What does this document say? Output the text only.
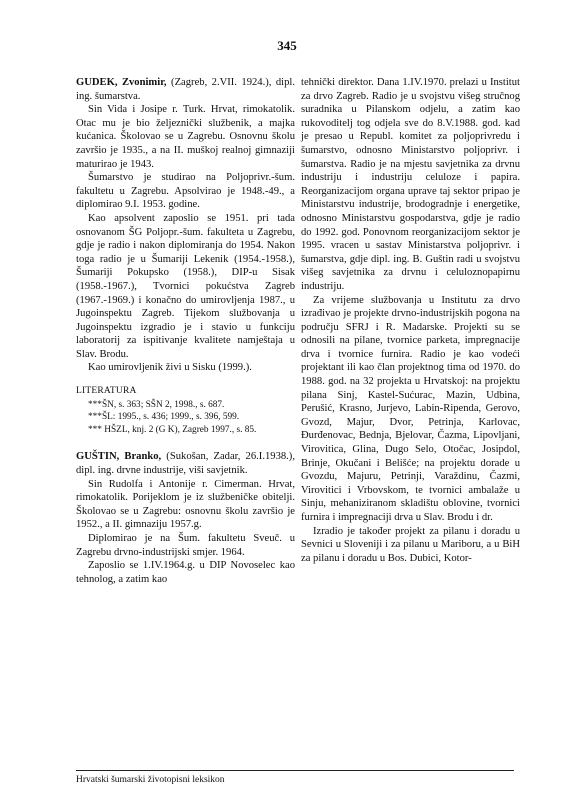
345

GUDEK, Zvonimir, (Zagreb, 2.VII. 1924.), dipl. ing. šumarstva.

Sin Vida i Josipe r. Turk. Hrvat, rimokatolik. Otac mu je bio željeznički službenik, a majka kućanica. Školovao se u Zagrebu. Osnovnu školu završio je 1935., a na II. muškoj realnoj gimnaziji maturirao je 1943.

Šumarstvo je studirao na Poljoprivr.-šum. fakultetu u Zagrebu. Apsolvirao je 1948.-49., a diplomirao 9.I. 1953. godine.

Kao apsolvent zaposlio se 1951. pri tada osnovanom ŠG Poljopr.-šum. fakulteta u Zagrebu, gdje je radio i nakon diplomiranja do 1954. Nakon toga radio je u Šumariji Lekenik (1954.-1958.), Šumariji Pokupsko (1958.), DIP-u Sisak (1958.-1967.), Tvornici pokućstva Zagreb (1967.-1969.) i konačno do umirovljenja 1987., u Jugoinspektu Zagreb. Tijekom službovanja u Jugoinspektu izgradio je i stavio u funkciju laboratorij za ispitivanje kvalitete namještaja u Slav. Brodu.

Kao umirovljenik živi u Sisku (1999.).

LITERATURA

***ŠN, s. 363; SŠN 2, 1998., s. 687.

***ŠL: 1995., s. 436; 1999., s. 396, 599.

*** HŠZL, knj. 2 (G K), Zagreb 1997., s. 85.

GUŠTIN, Branko, (Sukošan, Zadar, 26.I.1938.), dipl. ing. drvne industrije, viši savjetnik.

Sin Rudolfa i Antonije r. Cimerman. Hrvat, rimokatolik. Porijeklom je iz službeničke obitelji. Školovao se u Zagrebu: osnovnu školu završio je 1952., a II. gimnaziju 1957.g.

Diplomirao je na Šum. fakultetu Sveuč. u Zagrebu drvno-industrijski smjer. 1964.

Zaposlio se 1.IV.1964.g. u DIP Novoselec kao tehnolog, a zatim kao

tehnički direktor. Dana 1.IV.1970. prelazi u Institut za drvo Zagreb. Radio je u svojstvu višeg stručnog suradnika u Pilanskom odjelu, a zatim kao rukovoditelj tog odjela sve do 8.V.1988. god. kad je presao u Republ. komitet za poljoprivredu i šumarstvo, odnosno Ministarstvo poljoprivr. i šumarstva. Radio je na mjestu savjetnika za drvnu industriju i industriju celuloze i papira. Reorganizacijom organa uprave taj sektor pripao je Ministarstvu industrije, brodogradnje i energetike, odnosno Ministarstvu gospodarstva, gdje je radio do 1992. god. Ponovnom reorganizacijom sektor je 1995. vracen u sastav Ministarstva poljoprivr. i šumarstva, gdje dipl. ing. B. Guštin radi u svojstvu višeg savjetnika za drvnu i celuloznopapirnu industriju.

Za vrijeme službovanja u Institutu za drvo izrađivao je projekte drvno-industrijskih pogona na području SFRJ i R. Madarske. Projekti su se odnosili na pilane, tvornice parketa, impregnacije drva i tvornice furnira. Radio je kao vodeći projektant ili kao član projektnog tima od 1970. do 1988. god. na 32 projekta u Hrvatskoj: na projektu pilana Sinj, Kastel-Sućurac, Mazin, Udbina, Perušić, Krasno, Jurjevo, Labin-Ripenda, Gerovo, Gvozd, Majur, Dvor, Petrinja, Karlovac, Đurđenovac, Bednja, Bjelovar, Čazma, Lipovljani, Virovitica, Glina, Dugo Selo, Otočac, Josipdol, Brinje, Okučani i Belišće; na projektu dorade u Gvozdu, Majuru, Petrinji, Varaždinu, Čazmi, Virovitici i Vrbovskom, te tvornici ambalaže u Sinju, mehaniziranom skladištu oblovine, tvornici furnira i impregnaciji drva u Slav. Brodu i dr.

Izradio je također projekt za pilanu i doradu u Sevnici u Sloveniji i za pilanu u Mariboru, a u BiH za pilanu i doradu u Bos. Dubici, Kotor-

Hrvatski šumarski životopisni leksikon
